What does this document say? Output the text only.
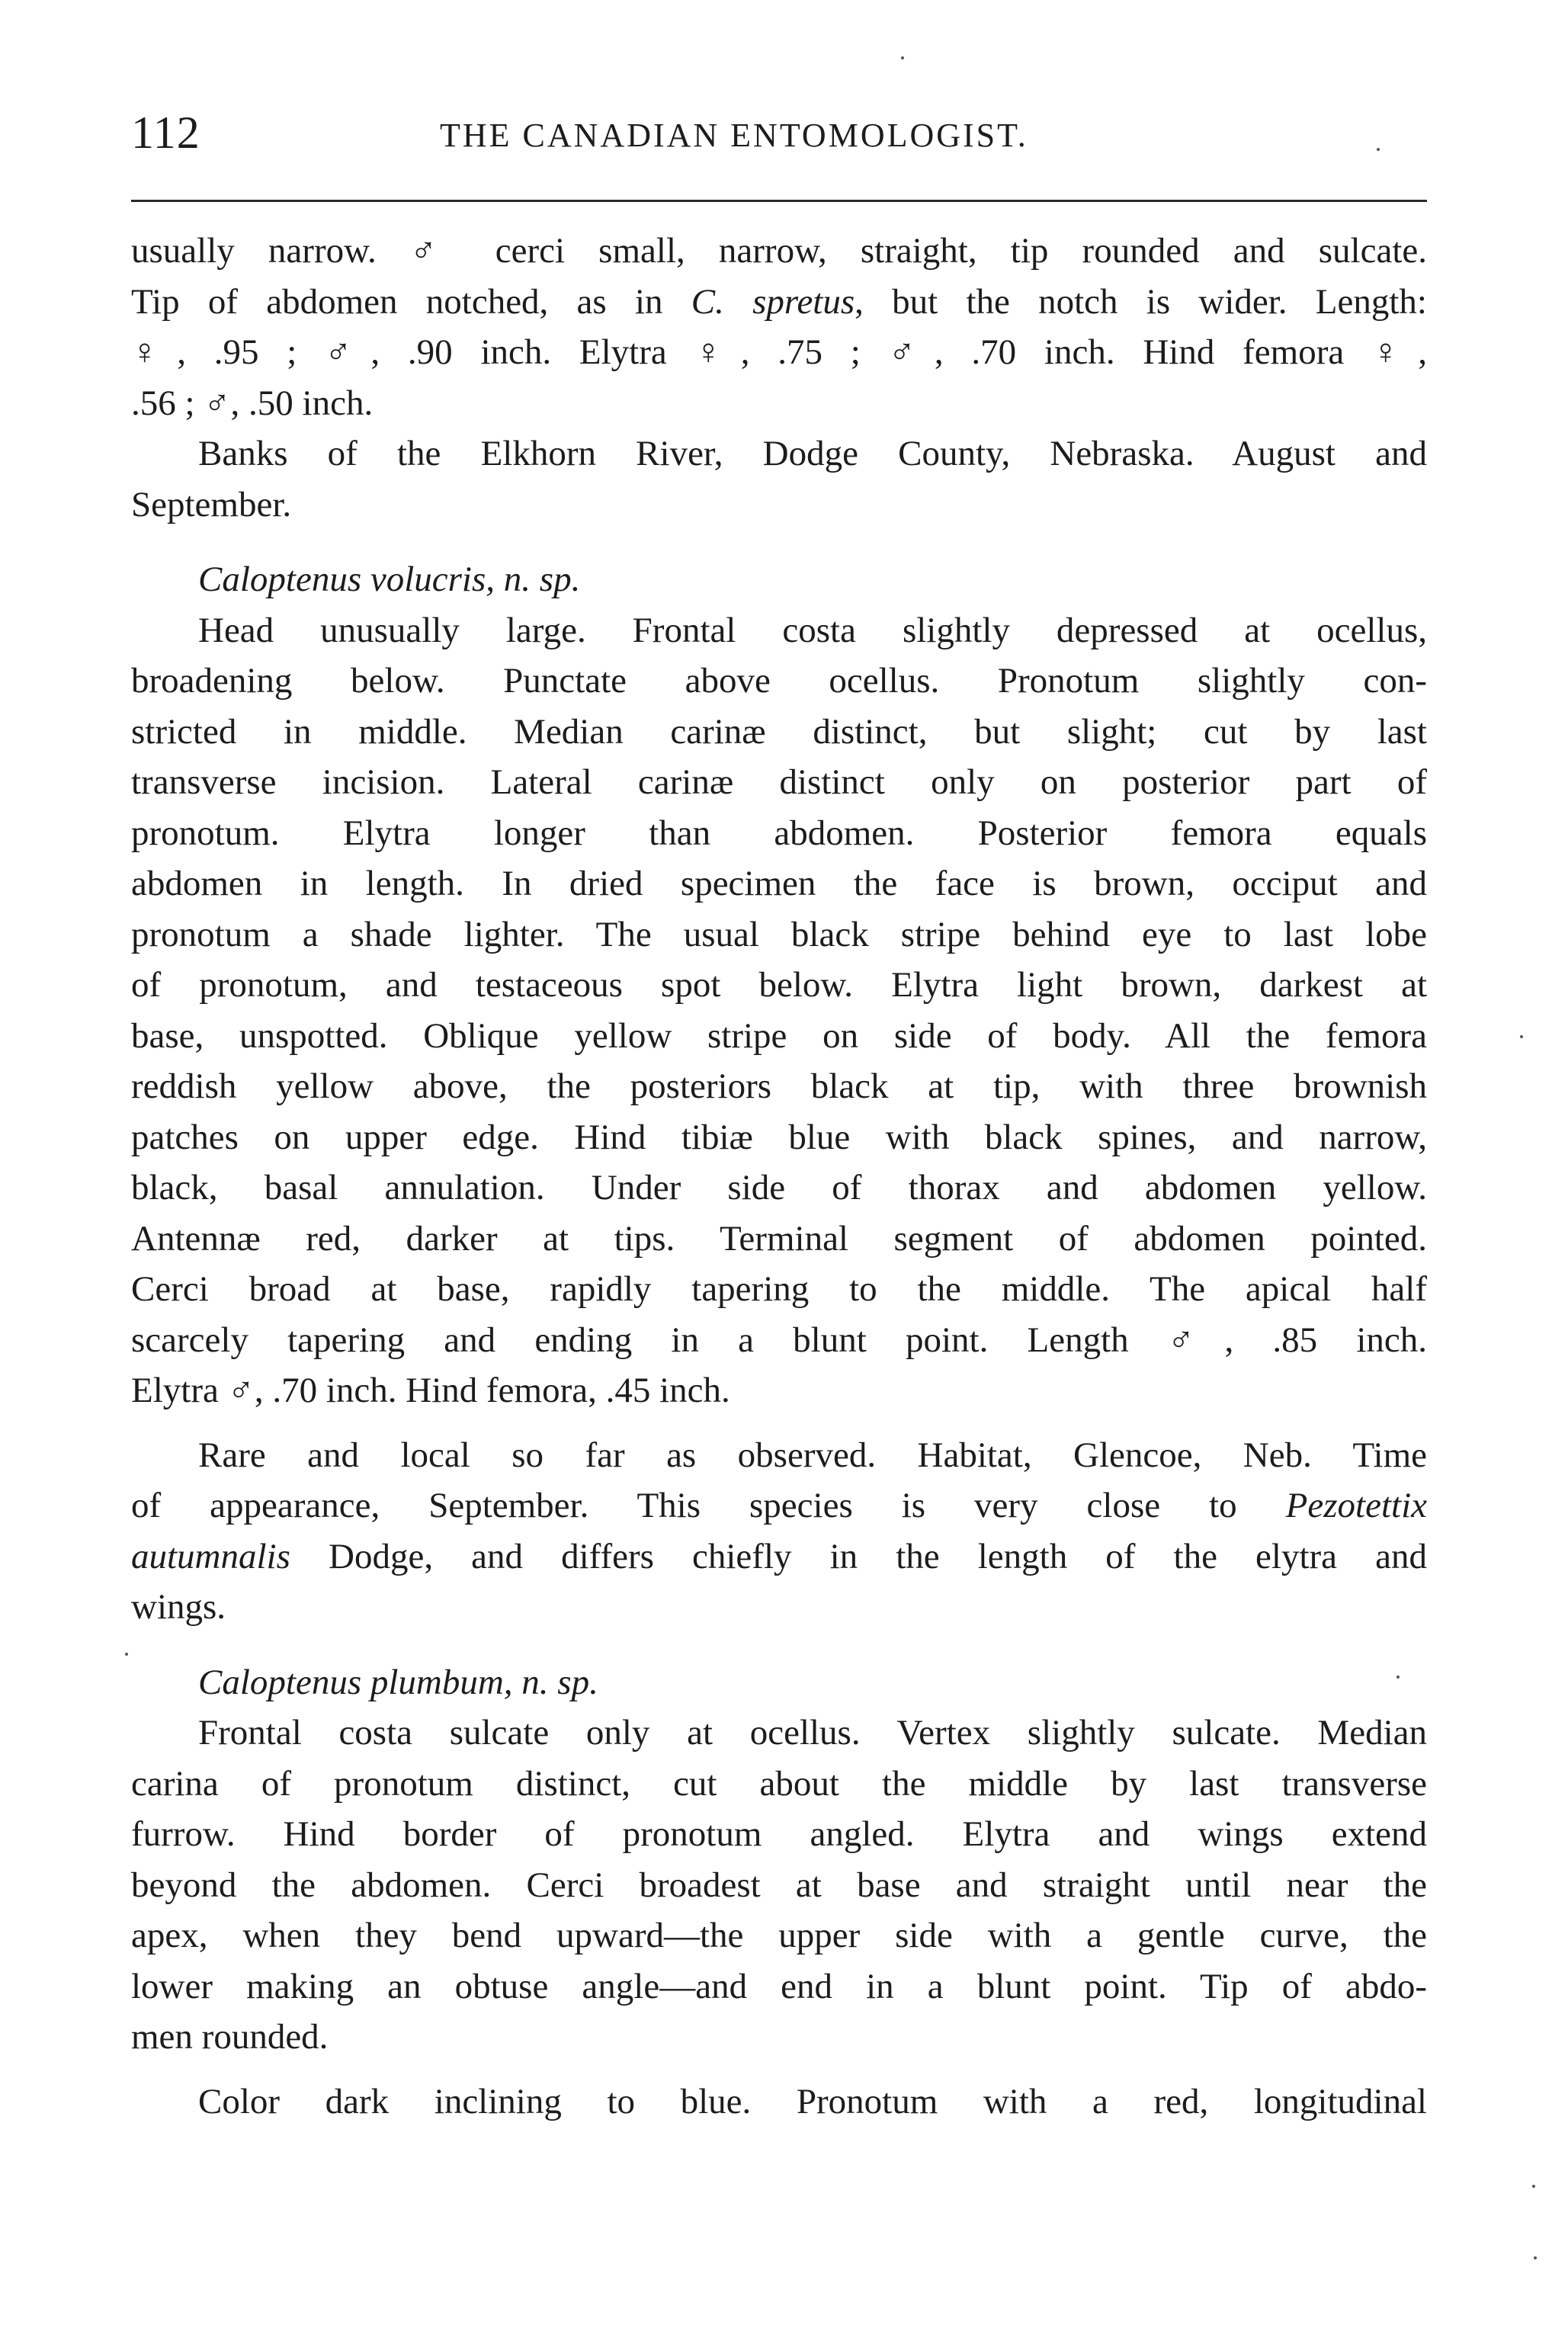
112	THE CANADIAN ENTOMOLOGIST.
usually narrow. ♂ cerci small, narrow, straight, tip rounded and sulcate.
Tip of abdomen notched, as in C. spretus, but the notch is wider. Length:
♀, .95 ; ♂, .90 inch. Elytra ♀, .75 ; ♂, .70 inch. Hind femora ♀,
.56 ; ♂, .50 inch.
Banks of the Elkhorn River, Dodge County, Nebraska. August and
September.
Caloptenus volucris, n. sp.
Head unusually large. Frontal costa slightly depressed at ocellus,
broadening below. Punctate above ocellus. Pronotum slightly con-
stricted in middle. Median carinæ distinct, but slight; cut by last
transverse incision. Lateral carinæ distinct only on posterior part of
pronotum. Elytra longer than abdomen. Posterior femora equals
abdomen in length. In dried specimen the face is brown, occiput and
pronotum a shade lighter. The usual black stripe behind eye to last lobe
of pronotum, and testaceous spot below. Elytra light brown, darkest at
base, unspotted. Oblique yellow stripe on side of body. All the femora
reddish yellow above, the posteriors black at tip, with three brownish
patches on upper edge. Hind tibiæ blue with black spines, and narrow,
black, basal annulation. Under side of thorax and abdomen yellow.
Antennæ red, darker at tips. Terminal segment of abdomen pointed.
Cerci broad at base, rapidly tapering to the middle. The apical half
scarcely tapering and ending in a blunt point. Length ♂, .85 inch.
Elytra ♂, .70 inch. Hind femora, .45 inch.
Rare and local so far as observed. Habitat, Glencoe, Neb. Time
of appearance, September. This species is very close to Pezotettix
autumnalis Dodge, and differs chiefly in the length of the elytra and
wings.
Caloptenus plumbum, n. sp.
Frontal costa sulcate only at ocellus. Vertex slightly sulcate. Median
carina of pronotum distinct, cut about the middle by last transverse
furrow. Hind border of pronotum angled. Elytra and wings extend
beyond the abdomen. Cerci broadest at base and straight until near the
apex, when they bend upward—the upper side with a gentle curve, the
lower making an obtuse angle—and end in a blunt point. Tip of abdo-
men rounded.
Color dark inclining to blue. Pronotum with a red, longitudinal
